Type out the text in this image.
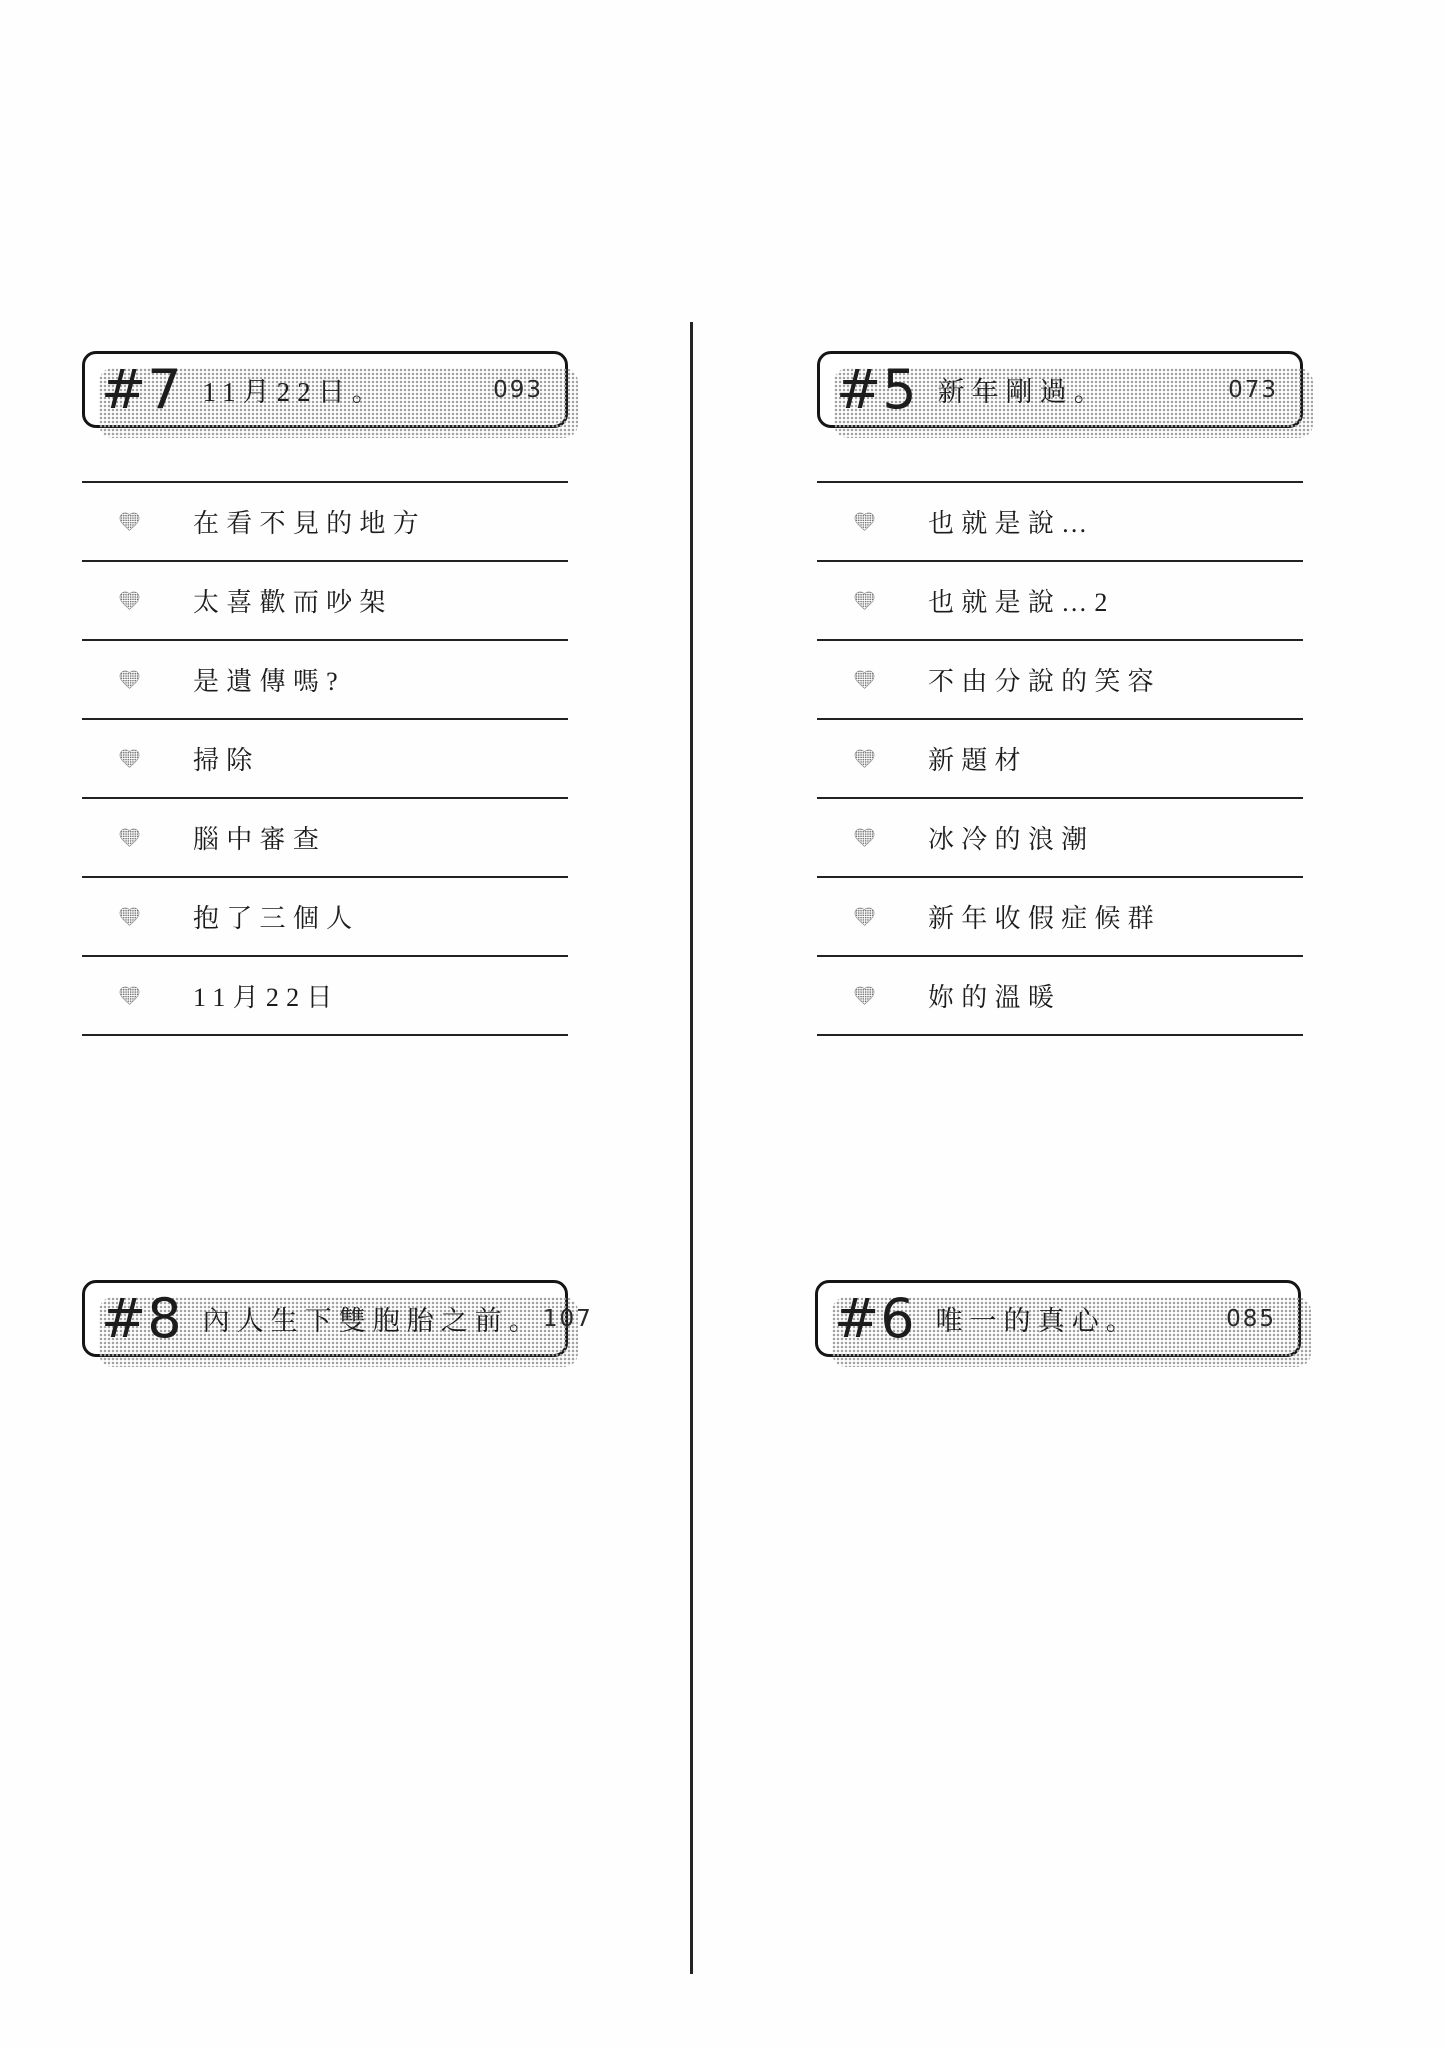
#7 11月22日。	093
在看不見的地方
太喜歡而吵架
是遺傳嗎?
掃除
腦中審查
抱了三個人
11月22日
#8 內人生下雙胞胎之前。 107
#5 新年剛過。	073
也就是說…
也就是說…2
不由分說的笑容
新題材
冰冷的浪潮
新年收假症候群
妳的溫暖
#6 唯一的真心。	085
